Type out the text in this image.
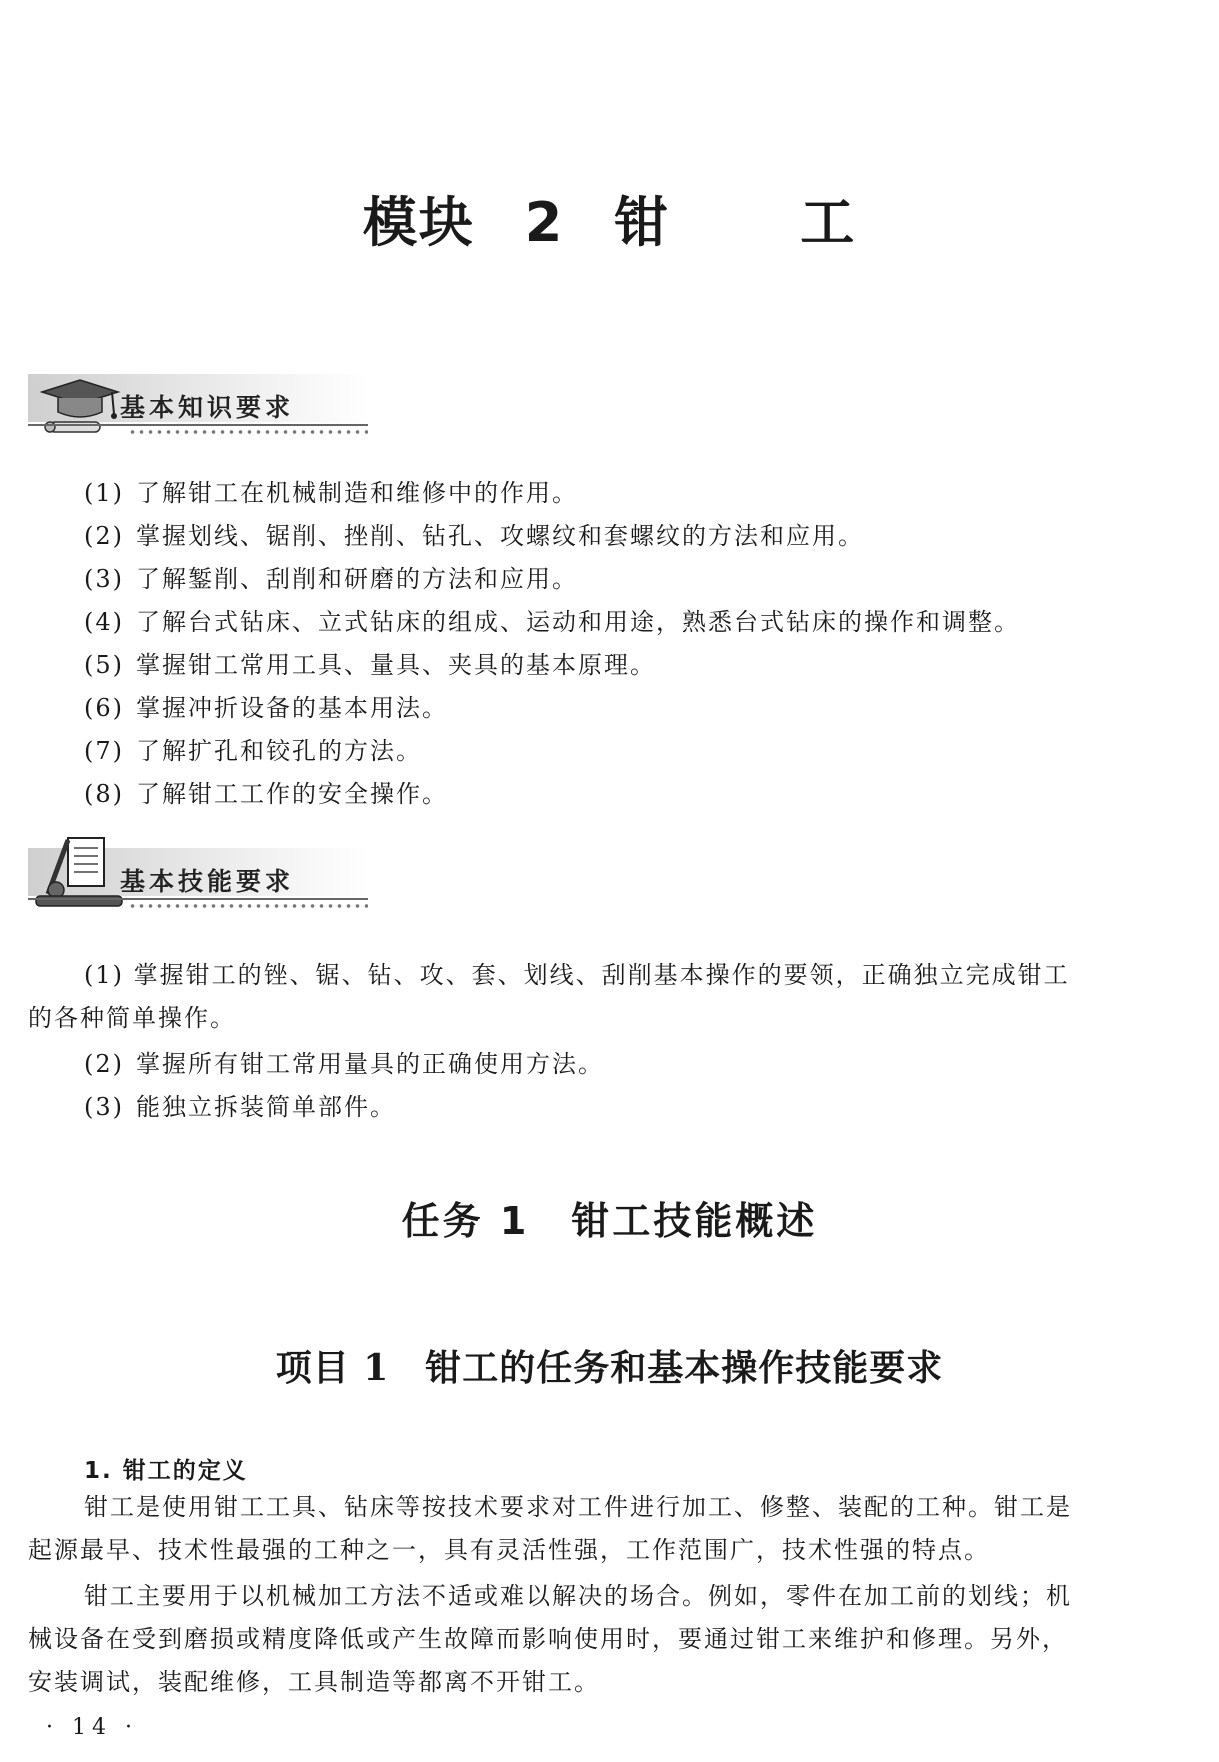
模块 2 钳 工
基本知识要求
(1) 了解钳工在机械制造和维修中的作用。
(2) 掌握划线、锯削、挫削、钻孔、攻螺纹和套螺纹的方法和应用。
(3) 了解錾削、刮削和研磨的方法和应用。
(4) 了解台式钻床、立式钻床的组成、运动和用途，熟悉台式钻床的操作和调整。
(5) 掌握钳工常用工具、量具、夹具的基本原理。
(6) 掌握冲折设备的基本用法。
(7) 了解扩孔和铰孔的方法。
(8) 了解钳工工作的安全操作。
基本技能要求
(1) 掌握钳工的锉、锯、钻、攻、套、划线、刮削基本操作的要领，正确独立完成钳工
的各种简单操作。
(2) 掌握所有钳工常用量具的正确使用方法。
(3) 能独立拆装简单部件。
任务 1 钳工技能概述
项目 1 钳工的任务和基本操作技能要求
1. 钳工的定义
钳工是使用钳工工具、钻床等按技术要求对工件进行加工、修整、装配的工种。钳工是
起源最早、技术性最强的工种之一，具有灵活性强，工作范围广，技术性强的特点。
钳工主要用于以机械加工方法不适或难以解决的场合。例如，零件在加工前的划线；机
械设备在受到磨损或精度降低或产生故障而影响使用时，要通过钳工来维护和修理。另外，
安装调试，装配维修，工具制造等都离不开钳工。
· 14 ·
